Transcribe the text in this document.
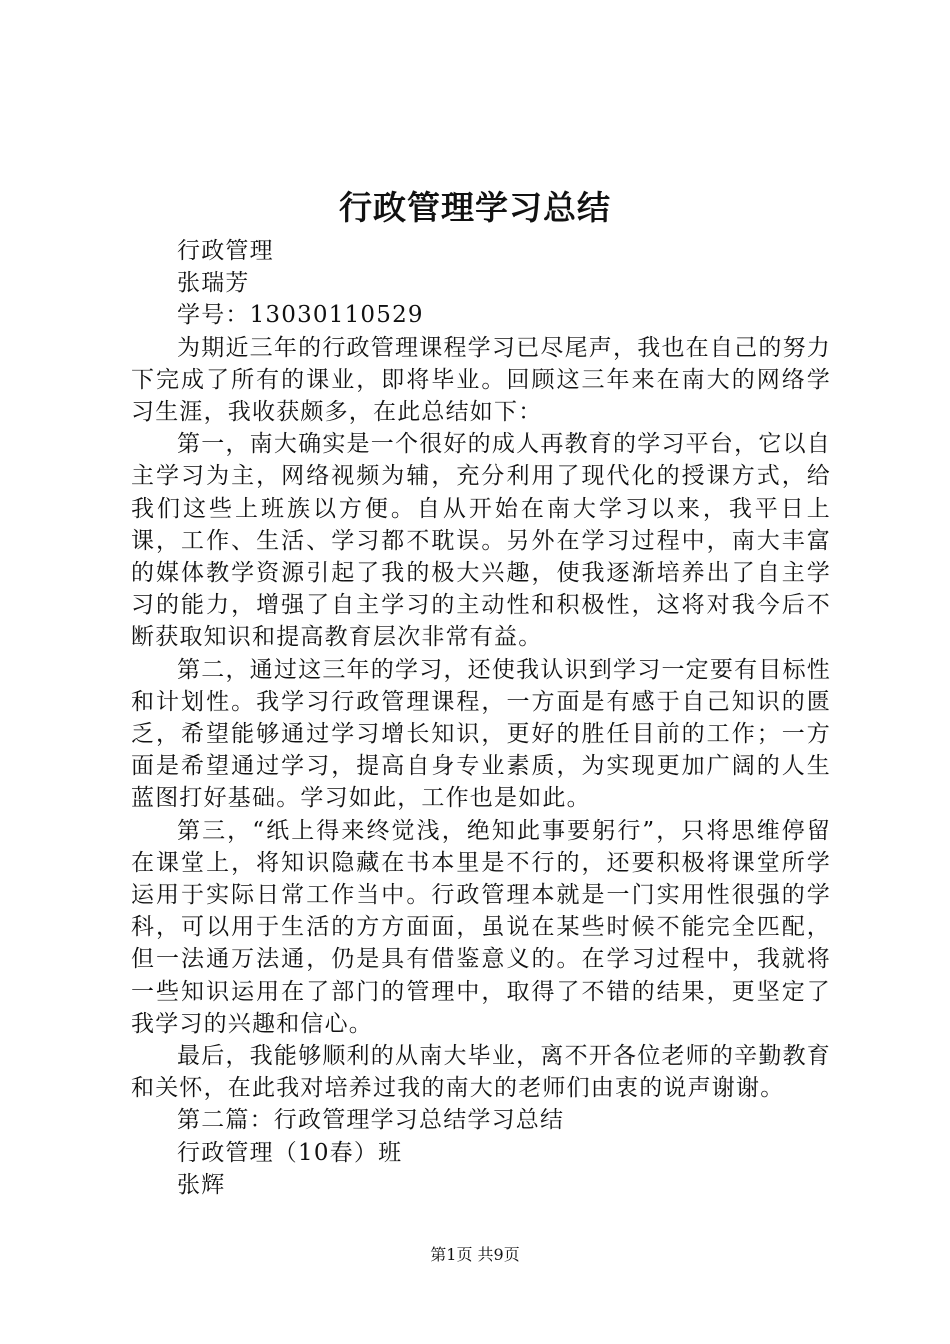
行政管理学习总结

行政管理

张瑞芳

学号：13030110529

为期近三年的行政管理课程学习已尽尾声，我也在自己的努力下完成了所有的课业，即将毕业。回顾这三年来在南大的网络学习生涯，我收获颇多，在此总结如下：

第一，南大确实是一个很好的成人再教育的学习平台，它以自主学习为主，网络视频为辅，充分利用了现代化的授课方式，给我们这些上班族以方便。自从开始在南大学习以来，我平日上课，工作、生活、学习都不耽误。另外在学习过程中，南大丰富的媒体教学资源引起了我的极大兴趣，使我逐渐培养出了自主学习的能力，增强了自主学习的主动性和积极性，这将对我今后不断获取知识和提高教育层次非常有益。

第二，通过这三年的学习，还使我认识到学习一定要有目标性和计划性。我学习行政管理课程，一方面是有感于自己知识的匮乏，希望能够通过学习增长知识，更好的胜任目前的工作；一方面是希望通过学习，提高自身专业素质，为实现更加广阔的人生蓝图打好基础。学习如此，工作也是如此。

第三，“纸上得来终觉浅，绝知此事要躬行”，只将思维停留在课堂上，将知识隐藏在书本里是不行的，还要积极将课堂所学运用于实际日常工作当中。行政管理本就是一门实用性很强的学科，可以用于生活的方方面面，虽说在某些时候不能完全匹配，但一法通万法通，仍是具有借鉴意义的。在学习过程中，我就将一些知识运用在了部门的管理中，取得了不错的结果，更坚定了我学习的兴趣和信心。

最后，我能够顺利的从南大毕业，离不开各位老师的辛勤教育和关怀，在此我对培养过我的南大的老师们由衷的说声谢谢。

第二篇：行政管理学习总结学习总结

行政管理（10春）班

张辉

第1页 共9页
